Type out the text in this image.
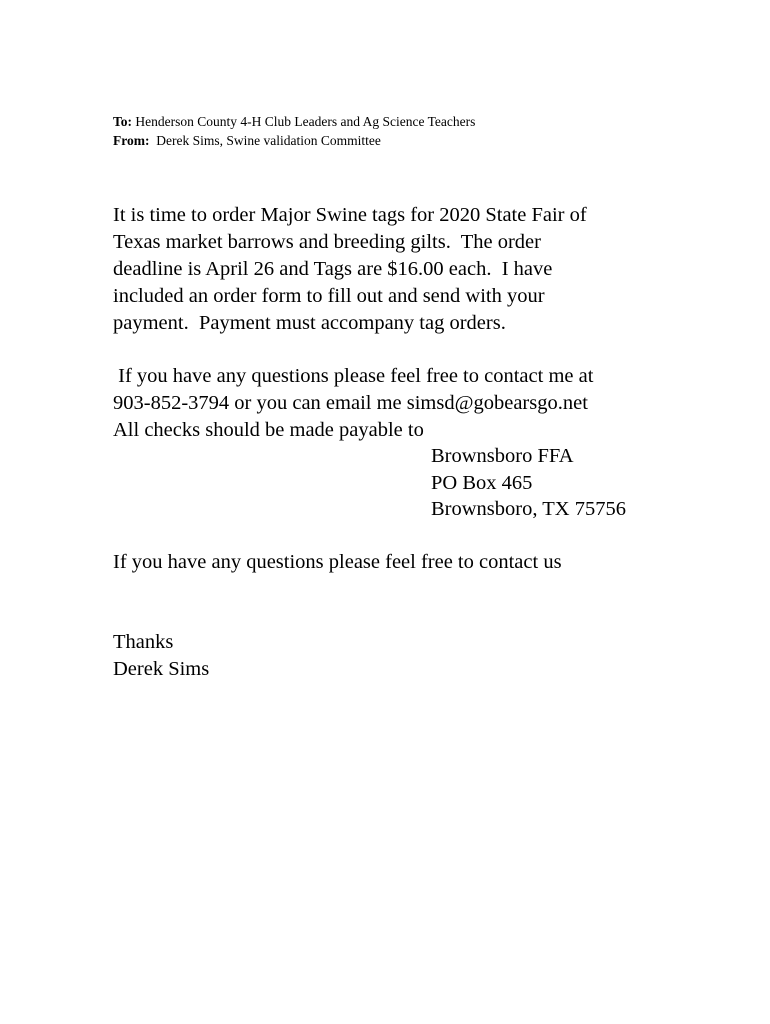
To: Henderson County 4-H Club Leaders and Ag Science Teachers
From:  Derek Sims, Swine validation Committee
It is time to order Major Swine tags for 2020 State Fair of
Texas market barrows and breeding gilts.  The order
deadline is April 26 and Tags are $16.00 each.  I have
included an order form to fill out and send with your
payment.  Payment must accompany tag orders.
If you have any questions please feel free to contact me at
903-852-3794 or you can email me simsd@gobearsgo.net
All checks should be made payable to
Brownsboro FFA
PO Box 465
Brownsboro, TX 75756
If you have any questions please feel free to contact us
Thanks
Derek Sims
